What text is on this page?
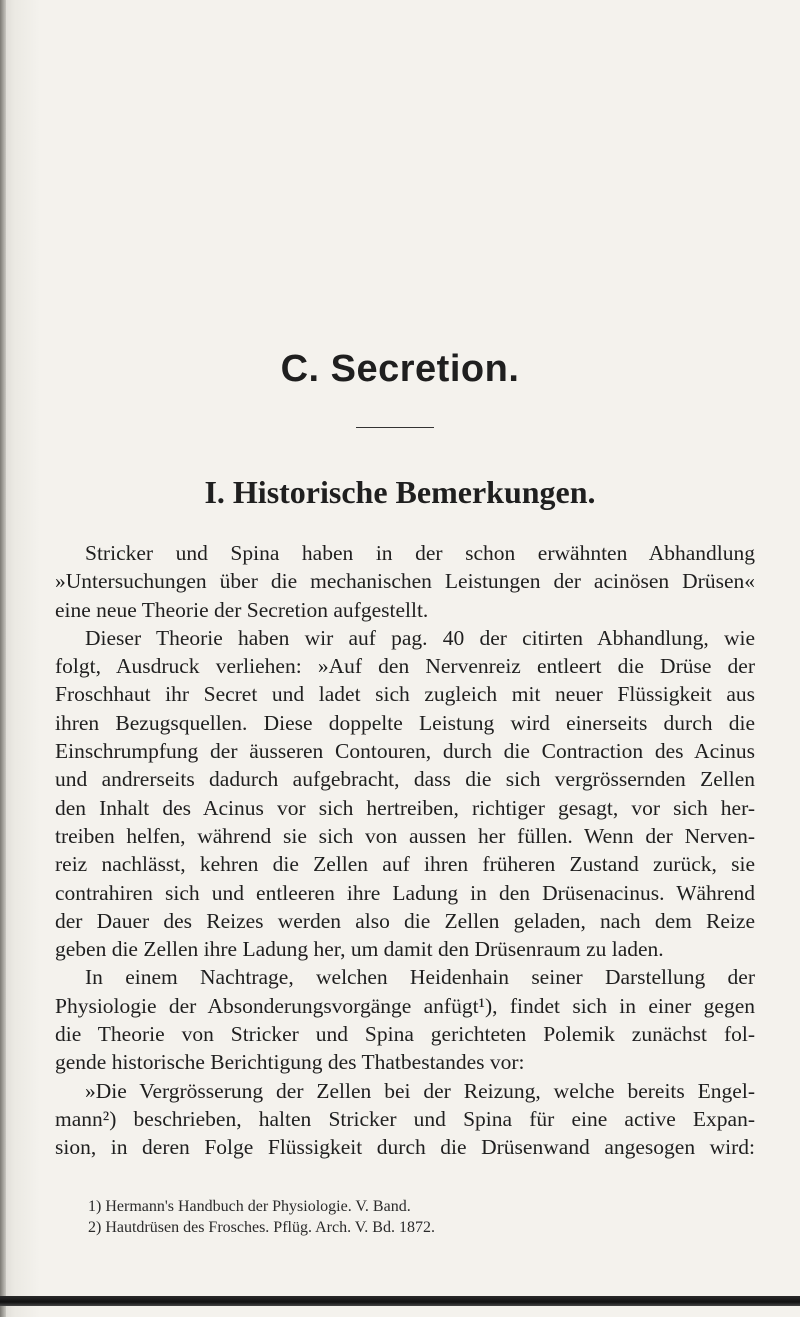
C. Secretion.
I. Historische Bemerkungen.
Stricker und Spina haben in der schon erwähnten Abhandlung
»Untersuchungen über die mechanischen Leistungen der acinösen Drüsen«
eine neue Theorie der Secretion aufgestellt.
Dieser Theorie haben wir auf pag. 40 der citirten Abhandlung, wie
folgt, Ausdruck verliehen: »Auf den Nervenreiz entleert die Drüse der
Froschhaut ihr Secret und ladet sich zugleich mit neuer Flüssigkeit aus
ihren Bezugsquellen. Diese doppelte Leistung wird einerseits durch die
Einschrumpfung der äusseren Contouren, durch die Contraction des Acinus
und andrerseits dadurch aufgebracht, dass die sich vergrössernden Zellen
den Inhalt des Acinus vor sich hertreiben, richtiger gesagt, vor sich her-
treiben helfen, während sie sich von aussen her füllen. Wenn der Nerven-
reiz nachlässt, kehren die Zellen auf ihren früheren Zustand zurück, sie
contrahiren sich und entleeren ihre Ladung in den Drüsenacinus. Während
der Dauer des Reizes werden also die Zellen geladen, nach dem Reize
geben die Zellen ihre Ladung her, um damit den Drüsenraum zu laden.
In einem Nachtrage, welchen Heidenhain seiner Darstellung der
Physiologie der Absonderungsvorgänge anfügt¹), findet sich in einer gegen
die Theorie von Stricker und Spina gerichteten Polemik zunächst fol-
gende historische Berichtigung des Thatbestandes vor:
»Die Vergrösserung der Zellen bei der Reizung, welche bereits Engel-
mann²) beschrieben, halten Stricker und Spina für eine active Expan-
sion, in deren Folge Flüssigkeit durch die Drüsenwand angesogen wird:
1) Hermann's Handbuch der Physiologie. V. Band.
2) Hautdrüsen des Frosches. Pflüg. Arch. V. Bd. 1872.
